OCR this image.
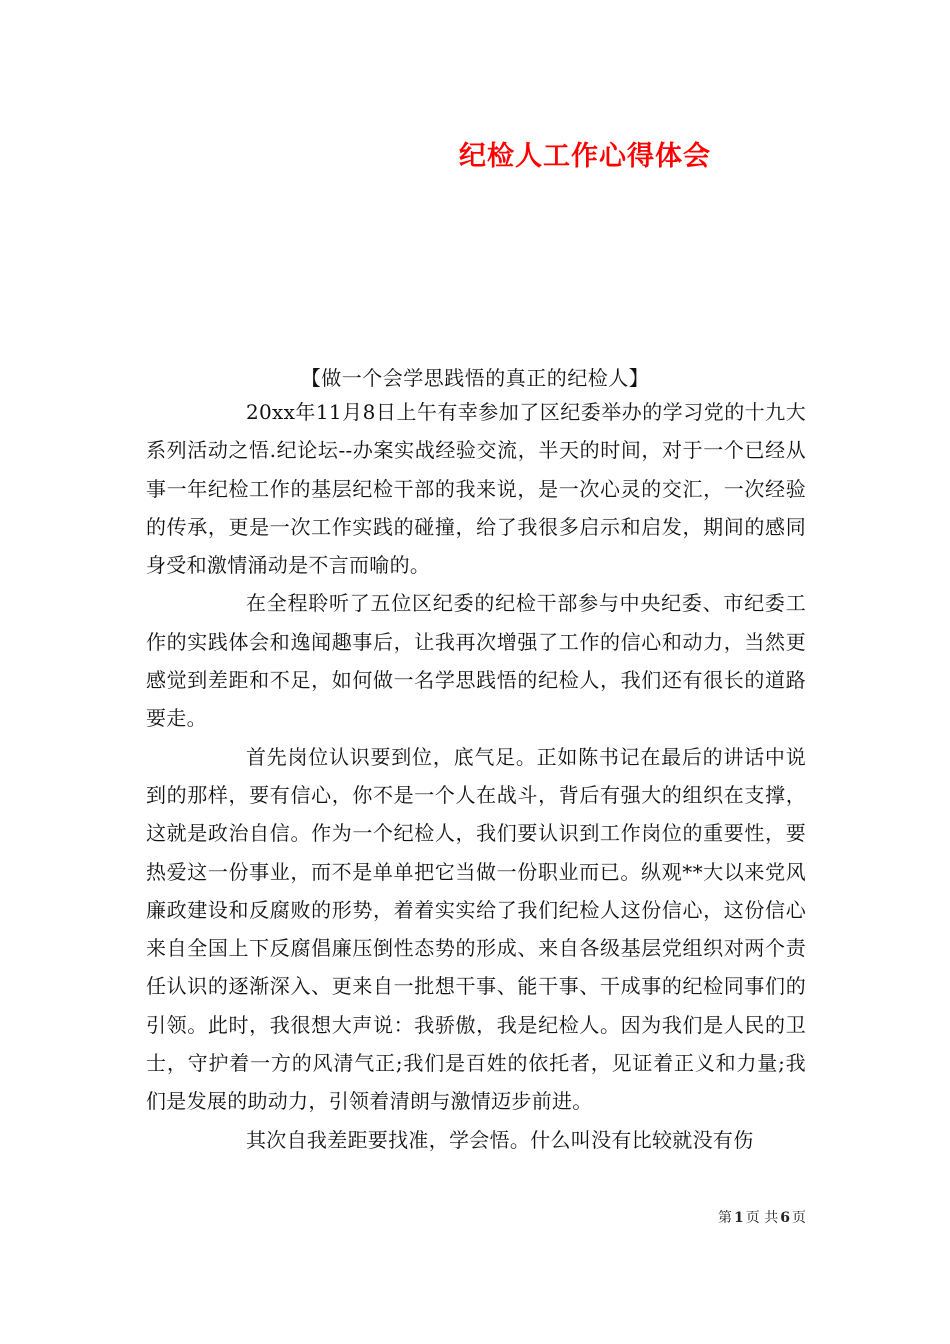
纪检人工作心得体会
【做一个会学思践悟的真正的纪检人】

20xx年11月8日上午有幸参加了区纪委举办的学习党的十九大系列活动之悟.纪论坛--办案实战经验交流，半天的时间，对于一个已经从事一年纪检工作的基层纪检干部的我来说，是一次心灵的交汇，一次经验的传承，更是一次工作实践的碰撞，给了我很多启示和启发，期间的感同身受和激情涌动是不言而喻的。

在全程聆听了五位区纪委的纪检干部参与中央纪委、市纪委工作的实践体会和逸闻趣事后，让我再次增强了工作的信心和动力，当然更感觉到差距和不足，如何做一名学思践悟的纪检人，我们还有很长的道路要走。

首先岗位认识要到位，底气足。正如陈书记在最后的讲话中说到的那样，要有信心，你不是一个人在战斗，背后有强大的组织在支撑，这就是政治自信。作为一个纪检人，我们要认识到工作岗位的重要性，要热爱这一份事业，而不是单单把它当做一份职业而已。纵观**大以来党风廉政建设和反腐败的形势，着着实实给了我们纪检人这份信心，这份信心来自全国上下反腐倡廉压倒性态势的形成、来自各级基层党组织对两个责任认识的逐渐深入、更来自一批想干事、能干事、干成事的纪检同事们的引领。此时，我很想大声说：我骄傲，我是纪检人。因为我们是人民的卫士，守护着一方的风清气正;我们是百姓的依托者，见证着正义和力量;我们是发展的助动力，引领着清朗与激情迈步前进。

其次自我差距要找准，学会悟。什么叫没有比较就没有伤

第 1 页 共 6 页
